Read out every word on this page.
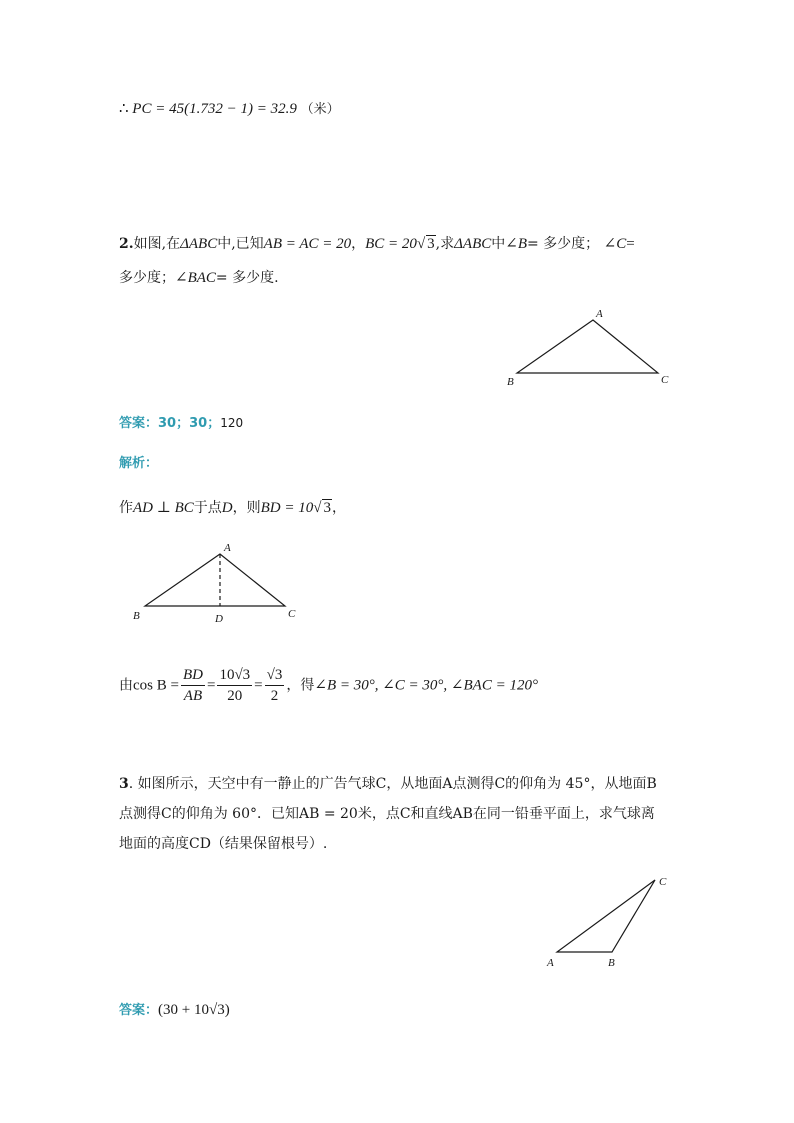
∴ PC = 45(1.732 − 1) = 32.9 （米）
2.如图,在ΔABC中,已知AB = AC = 20，BC = 20√ 3,求ΔABC中∠B= 多少度； ∠C=
多少度；∠BAC= 多少度.
A
B	C
答案：30；30；120
解析：
作AD ⊥ BC于点D，则BD = 10√ 3，
A
B	C
D
由$\cos B = \frac{BD}{AB} = \frac{10√3}{20} = \frac{√3}{2}$ ，得∠B = 30°, ∠C = 30°, ∠BAC = 120°
3. 如图所示，天空中有一静止的广告气球C，从地面A点测得C的仰角为 45°，从地面B
点测得C的仰角为 60°．已知AB = 20米，点C和直线AB在同一铅垂平面上，求气球离
地面的高度CD（结果保留根号）.
C
A	B
答案：(30 + 10√3)
